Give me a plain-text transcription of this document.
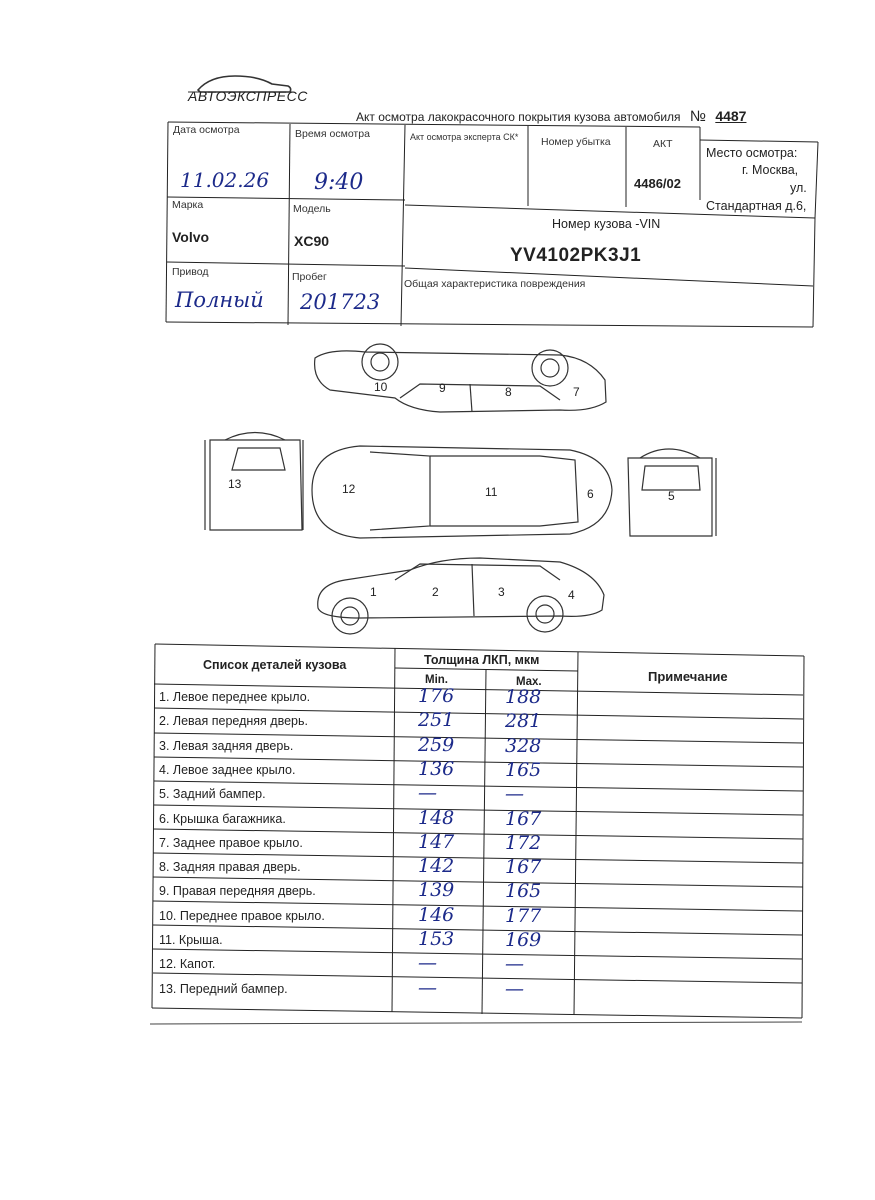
АВТОЭКСПРЕСС
Акт осмотра лакокрасочного покрытия кузова автомобиля № 4487
Дата осмотра
11.02.26
Время осмотра
9:40
Акт осмотра эксперта СК* Номер убытка	АКТ
4486/02
Место осмотра:
г. Москва,
ул.
Стандартная д.6,
Марка
Volvo
Модель
XC90
Номер кузова -VIN
YV4102PK3J1
Привод
Полный
Пробег
201723
Общая характеристика повреждения
1	2	3	4
5
6
7
8
9
10
11
12
13
Список деталей кузова	Толщина ЛКП, мкм
Min.	Max.	Примечание
1. Левое переднее крыло.	176	188
2. Левая передняя дверь.	251	281
3. Левая задняя дверь.	259	328
4. Левое заднее крыло.	136	165
5. Задний бампер.	—	—
6. Крышка багажника.	148	167
7. Заднее правое крыло.	147	172
8. Задняя правая дверь.	142	167
9. Правая передняя дверь.	139	165
10. Переднее правое крыло.	146	177
11. Крыша.	153	169
12. Капот.	—	—
13. Передний бампер.	—	—
